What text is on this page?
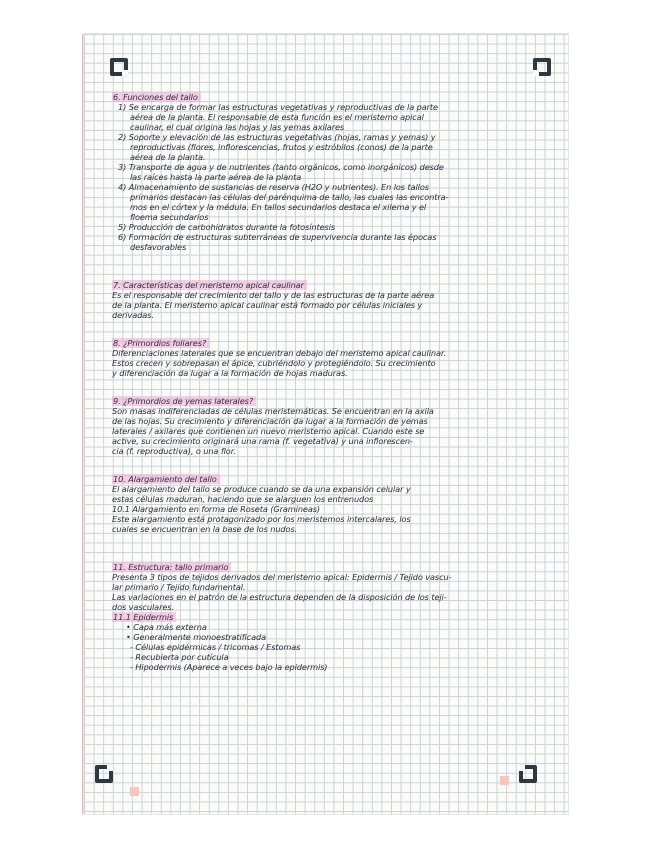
6. Funciones del tallo
1) Se encarga de formar las estructuras vegetativas y reproductivas de la parte
aérea de la planta. El responsable de esta función es el meristemo apical
caulinar, el cual origina las hojas y las yemas axilares
2) Soporte y elevación de las estructuras vegetativas (hojas, ramas y yemas) y
reproductivas (flores, inflorescencias, frutos y estróbilos (conos) de la parte
aérea de la planta.
3) Transporte de agua y de nutrientes (tanto orgánicos, como inorgánicos) desde
las raíces hasta la parte aérea de la planta
4) Almacenamiento de sustancias de reserva (H2O y nutrientes). En los tallos
primarios destacan las células del parénquima de tallo, las cuales las encontra-
mos en el córtex y la médula. En tallos secundarios destaca el xilema y el
floema secundarios
5) Producción de carbohidratos durante la fotosíntesis
6) Formación de estructuras subterráneas de supervivencia durante las épocas
desfavorables
7. Características del meristemo apical caulinar
Es el responsable del crecimiento del tallo y de las estructuras de la parte aérea
de la planta. El meristemo apical caulinar está formado por células iniciales y
derivadas.
8. ¿Primordios foliares?
Diferenciaciones laterales que se encuentran debajo del meristemo apical caulinar.
Estos crecen y sobrepasan el ápice, cubriéndolo y protegiéndolo. Su crecimiento
y diferenciación da lugar a la formación de hojas maduras.
9. ¿Primordios de yemas laterales?
Son masas indiferenciadas de células meristemáticas. Se encuentran en la axila
de las hojas. Su crecimiento y diferenciación da lugar a la formación de yemas
laterales / axilares que contienen un nuevo meristemo apical. Cuando este se
active, su crecimiento originará una rama (f. vegetativa) y una inflorescen-
cia (f. reproductiva), o una flor.
10. Alargamiento del tallo
El alargamiento del tallo se produce cuando se da una expansión celular y
estas células maduran, haciendo que se alarguen los entrenudos
10.1 Alargamiento en forma de Roseta (Gramíneas)
Este alargamiento está protagonizado por los meristemos intercalares, los
cuales se encuentran en la base de los nudos.
11. Estructura: tallo primario
Presenta 3 tipos de tejidos derivados del meristemo apical: Epidermis / Tejido vascu-
lar primario / Tejido fundamental.
Las variaciones en el patrón de la estructura dependen de la disposición de los teji-
dos vasculares.
11.1 Epidermis
• Capa más externa
• Generalmente monoestratificada
- Células epidérmicas / tricomas / Estomas
- Recubierta por cutícula
- Hipodermis (Aparece a veces bajo la epidermis)
